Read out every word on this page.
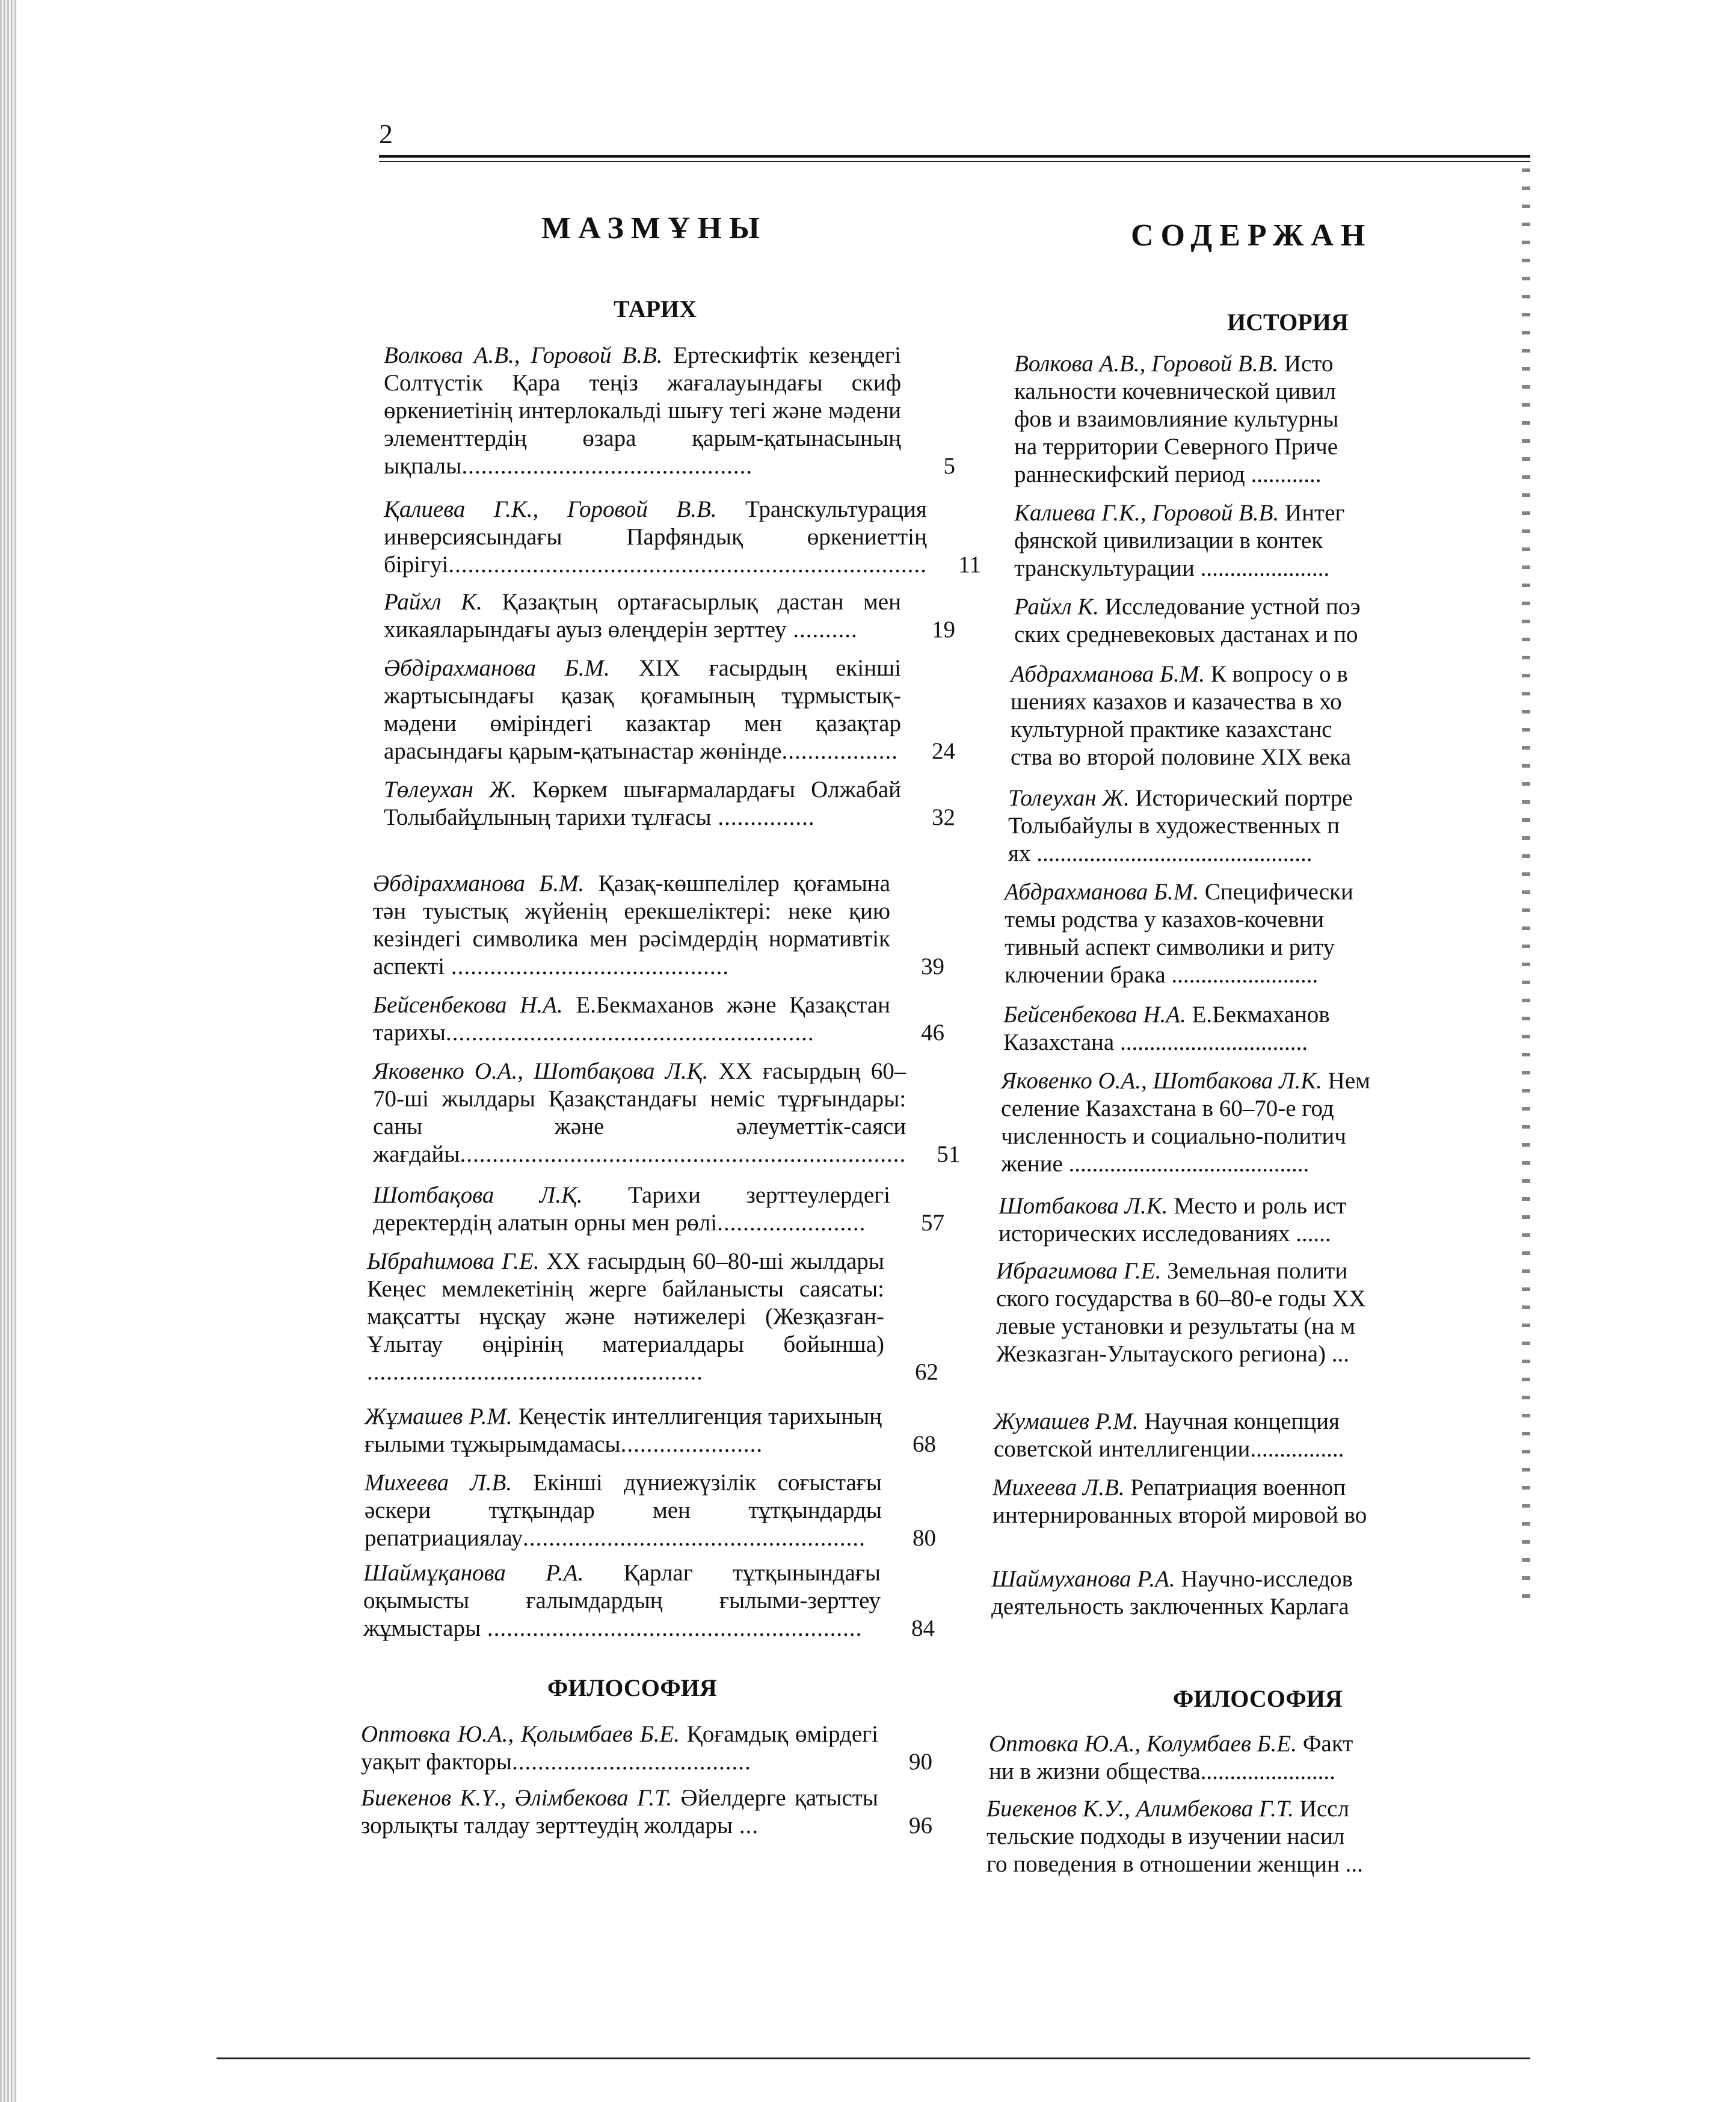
2
МАЗМҰНЫ
ТАРИХ
Волкова А.В., Горовой В.В. Ертескифтік кезеңдегі Солтүстік Қара теңіз жағалауындағы скиф өркениетінің интерлокальді шығу тегі және мәдени элементтердің өзара қарым-қатынасының ықпалы.............................................	5
Қалиева Г.К., Горовой В.В. Транскультурация инверсиясындағы Парфяндық өркениеттің бірігуі..........................................................................	11
Райхл К. Қазақтың ортағасырлық дастан мен хикаяларындағы ауыз өлеңдерін зерттеу ..........	19
Әбдірахманова Б.М. ХІХ ғасырдың екінші жартысындағы қазақ қоғамының тұрмыстық-мәдени өміріндегі казактар мен қазақтар арасындағы қарым-қатынастар жөнінде..................	24
Төлеухан Ж. Көркем шығармалардағы Олжабай Толыбайұлының тарихи тұлғасы ...............	32
Әбдірахманова Б.М. Қазақ-көшпелілер қоғамына тән туыстық жүйенің ерекшеліктері: неке қию кезіндегі символика мен рәсімдердің нормативтік аспекті ...........................................	39
Бейсенбекова Н.А. Е.Бекмаханов және Қазақстан тарихы.........................................................	46
Яковенко О.А., Шотбақова Л.Қ. ХХ ғасырдың 60–70-ші жылдары Қазақстандағы неміс тұрғындары: саны және әлеуметтік-саяси жағдайы.....................................................................	51
Шотбақова Л.Қ. Тарихи зерттеулердегі деректердің алатын орны мен рөлі.......................	57
Ыбраһимова Г.Е. ХХ ғасырдың 60–80-ші жылдары Кеңес мемлекетінің жерге байланысты саясаты: мақсатты нұсқау және нәтижелері (Жезқазған-Ұлытау өңірінің материалдары бойынша) ....................................................	62
Жұмашев Р.М. Кеңестік интеллигенция тарихының ғылыми тұжырымдамасы......................	68
Михеева Л.В. Екінші дүниежүзілік соғыстағы әскери тұтқындар мен тұтқындарды репатриациялау.....................................................	80
Шаймұқанова Р.А. Қарлаг тұтқынындағы оқымысты ғалымдардың ғылыми-зерттеу жұмыстары ..........................................................	84
ФИЛОСОФИЯ
Оптовка Ю.А., Қолымбаев Б.Е. Қоғамдық өмірдегі уақыт факторы.....................................	90
Биекенов К.Ү., Әлімбекова Г.Т. Әйелдерге қатысты зорлықты талдау зерттеудің жолдары ...	96
СОДЕРЖАН
ИСТОРИЯ
Волкова А.В., Горовой В.В. Исто
кальности кочевнической цивил
фов и взаимовлияние культурны
на территории Северного Приче
раннескифский период ............
Калиева Г.К., Горовой В.В. Интег
фянской цивилизации в контек
транскультурации ......................
Райхл К. Исследование устной поэ
ских средневековых дастанах и по
Абдрахманова Б.М. К вопросу о в
шениях казахов и казачества в хо
культурной практике казахстанс
ства во второй половине XIX века
Толеухан Ж. Исторический портре
Толыбайулы в художественных п
ях ...............................................
Абдрахманова Б.М. Специфически
темы родства у казахов-кочевни
тивный аспект символики и риту
ключении брака .........................
Бейсенбекова Н.А. Е.Бекмаханов
Казахстана ................................
Яковенко О.А., Шотбакова Л.К. Нем
селение Казахстана в 60–70-е год
численность и социально-политич
жение .........................................
Шотбакова Л.К. Место и роль ист
исторических исследованиях ......
Ибрагимова Г.Е. Земельная полити
ского государства в 60–80-е годы ХХ
левые установки и результаты (на м
Жезказган-Улытауского региона) ...
Жумашев Р.М. Научная концепция
советской интеллигенции................
Михеева Л.В. Репатриация военноп
интернированных второй мировой во
Шаймуханова Р.А. Научно-исследов
деятельность заключенных Карлага
ФИЛОСОФИЯ
Оптовка Ю.А., Колумбаев Б.Е. Факт
ни в жизни общества.......................
Биекенов К.У., Алимбекова Г.Т. Иссл
тельские подходы в изучении насил
го поведения в отношении женщин ...
